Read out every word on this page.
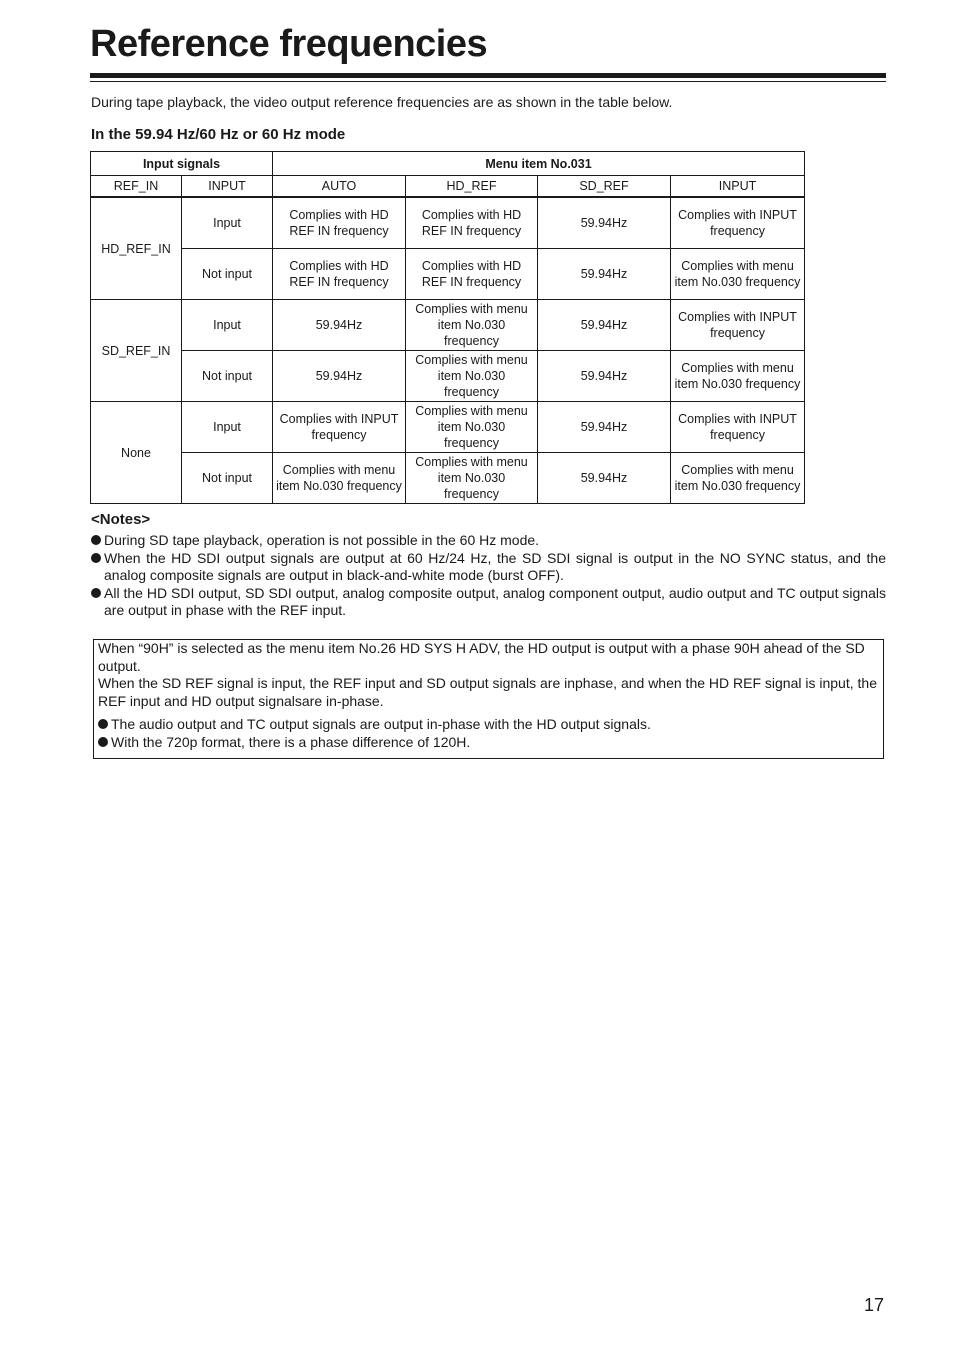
Reference frequencies
During tape playback, the video output reference frequencies are as shown in the table below.
In the 59.94 Hz/60 Hz or 60 Hz mode
Input signals		Menu item No.031			
REF_IN	INPUT	AUTO	HD_REF	SD_REF	INPUT
HD_REF_IN	Input	Complies with HD REF IN frequency	Complies with HD REF IN frequency	59.94Hz	Complies with INPUT frequency
	Not input	Complies with HD REF IN frequency	Complies with HD REF IN frequency	59.94Hz	Complies with menu item No.030 frequency
SD_REF_IN	Input	59.94Hz	Complies with menu item No.030 frequency	59.94Hz	Complies with INPUT frequency
	Not input	59.94Hz	Complies with menu item No.030 frequency	59.94Hz	Complies with menu item No.030 frequency
None	Input	Complies with INPUT frequency	Complies with menu item No.030 frequency	59.94Hz	Complies with INPUT frequency
	Not input	Complies with menu item No.030 frequency	Complies with menu item No.030 frequency	59.94Hz	Complies with menu item No.030 frequency
<Notes>
During SD tape playback, operation is not possible in the 60 Hz mode.
When the HD SDI output signals are output at 60 Hz/24 Hz, the SD SDI signal is output in the NO SYNC status, and the analog composite signals are output in black-and-white mode (burst OFF).
All the HD SDI output, SD SDI output, analog composite output, analog component output, audio output and TC output signals are output in phase with the REF input.

When “90H” is selected as the menu item No.26 HD SYS H ADV, the HD output is output with a phase 90H ahead of the SD output.

When the SD REF signal is input, the REF input and SD output signals are inphase, and when the HD REF signal is input, the REF input and HD output signalsare in-phase.

The audio output and TC output signals are output in-phase with the HD output signals.
With the 720p format, there is a phase difference of 120H.
17
